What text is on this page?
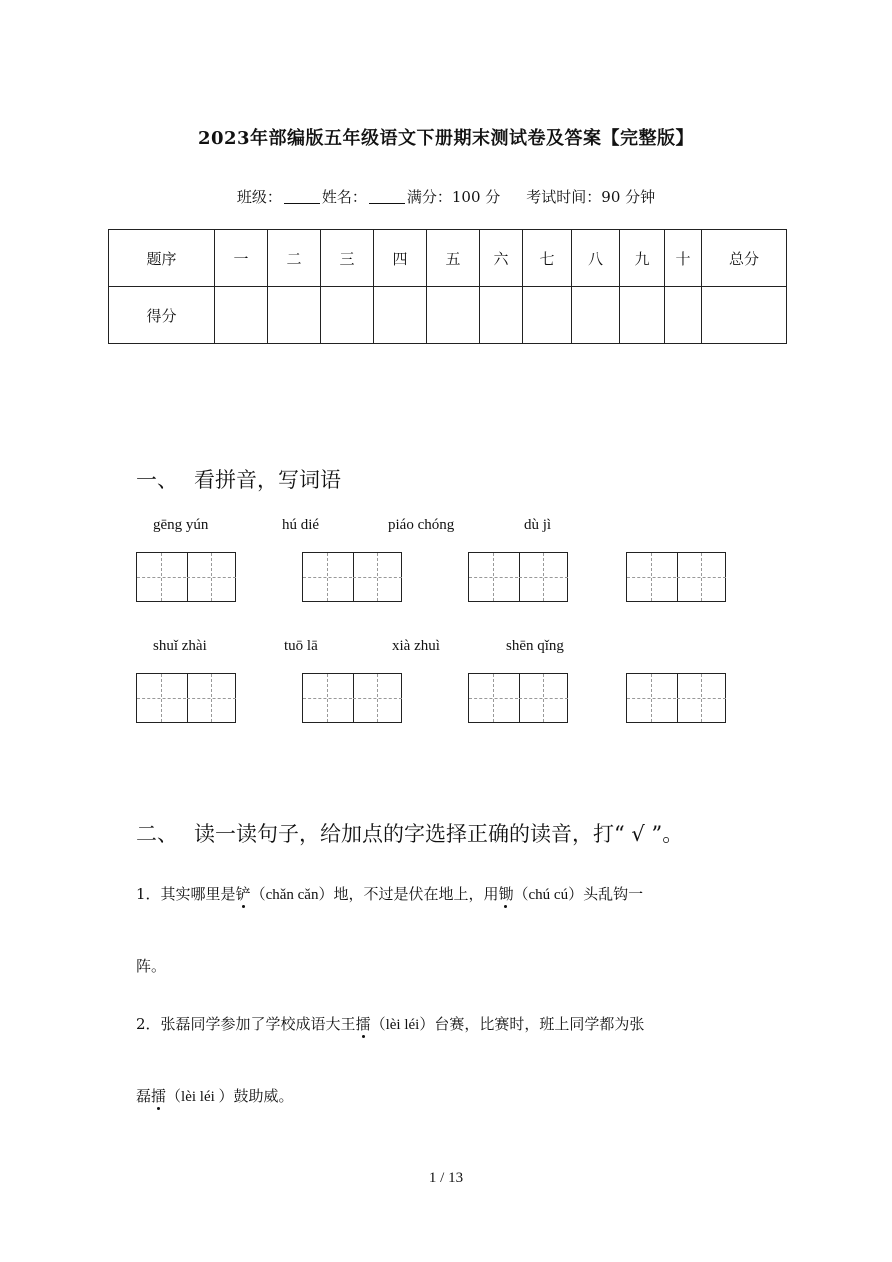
2023年部编版五年级语文下册期末测试卷及答案【完整版】
班级：	姓名：	满分：100 分 考试时间：90 分钟
题序	一	二	三	四	五	六	七	八	九	十	总分
得分											
一、 看拼音，写词语
gēng yún	hú dié	piáo chóng	dù jì
shuǐ zhài	tuō lā	xià zhuì	shēn qǐng
二、 读一读句子，给加点的字选择正确的读音，打“ √ ”。
1．其实哪里是铲（chǎn cǎn）地，不过是伏在地上，用锄（chú cú）头乱钩一
阵。
2．张磊同学参加了学校成语大王擂（lèi léi）台赛，比赛时，班上同学都为张
磊擂（lèi léi ）鼓助威。
1 / 13
